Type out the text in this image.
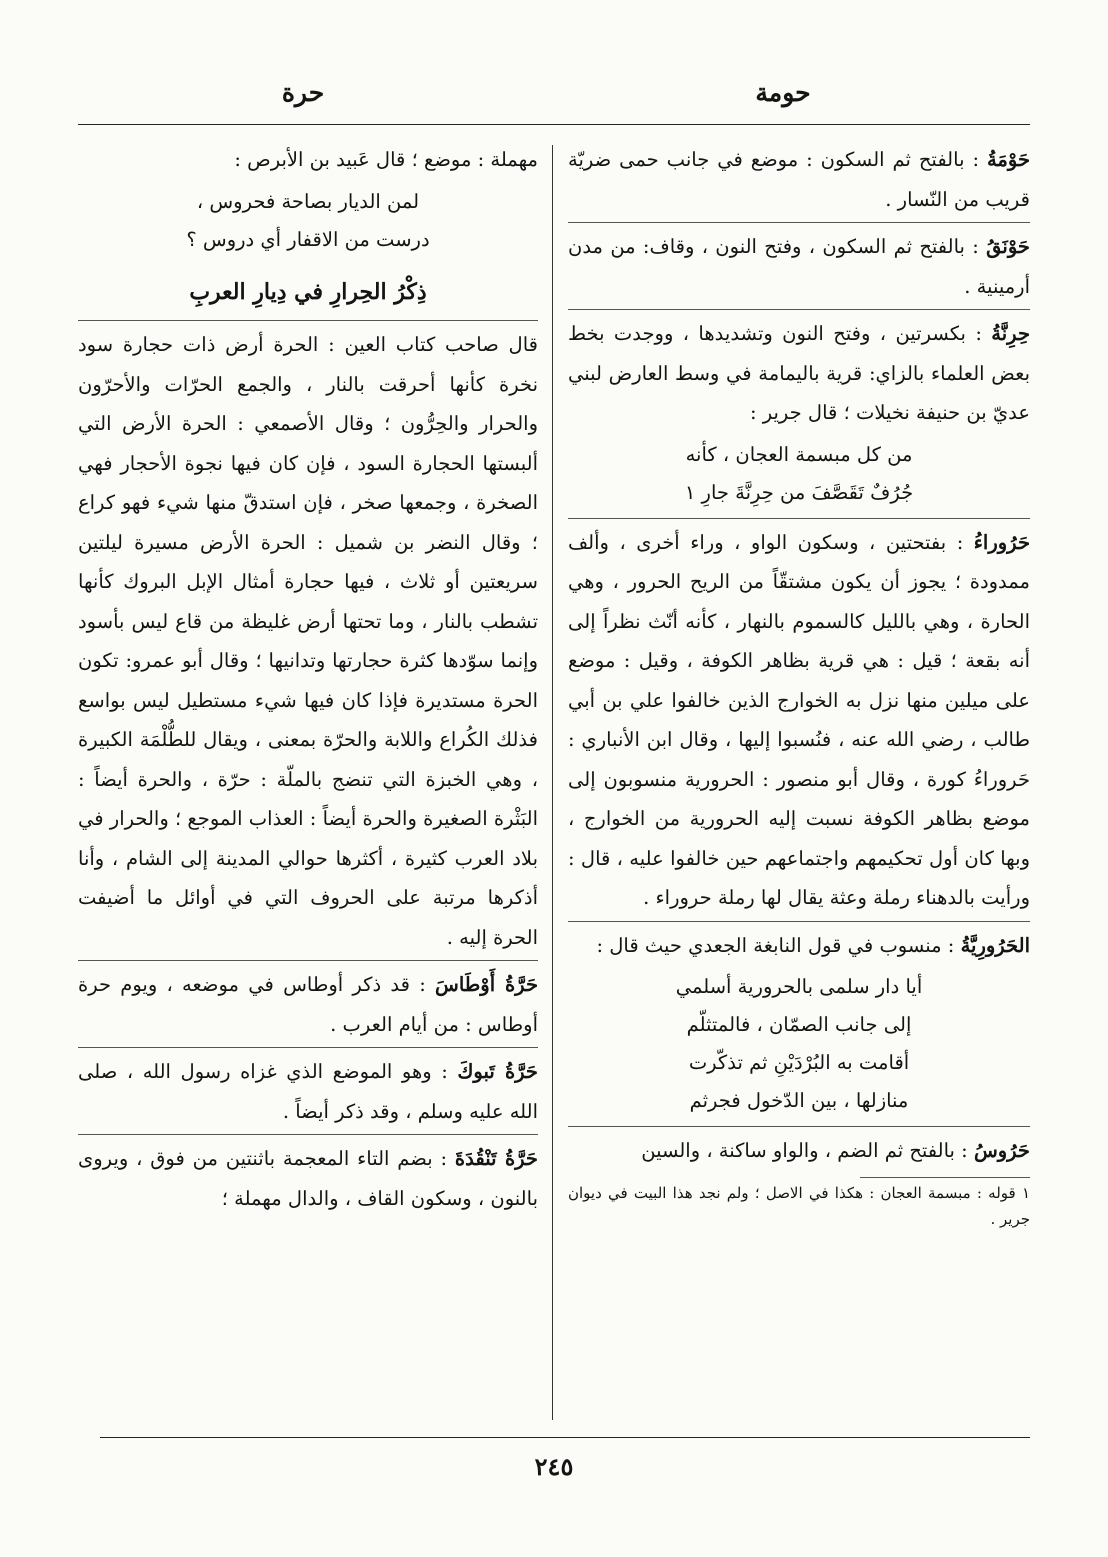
حومة
حرة

حَوْمَةُ : بالفتح ثم السكون : موضع في جانب حمى ضريّة قريب من النّسار .

حَوْنَقُ : بالفتح ثم السكون ، وفتح النون ، وقاف: من مدن أرمينية .

حِرِنَّةُ : بكسرتين ، وفتح النون وتشديدها ، ووجدت بخط بعض العلماء بالزاي: قرية باليمامة في وسط العارض لبني عديّ بن حنيفة نخيلات ؛ قال جرير :

من كل مبسمة العجان ، كأنه
جُرُفٌ تَقَصَّفَ من حِرِنَّةَ جارِ ١

حَرُوراءُ : بفتحتين ، وسكون الواو ، وراء أخرى ، وألف ممدودة ؛ يجوز أن يكون مشتقّاً من الريح الحرور ، وهي الحارة ، وهي بالليل كالسموم بالنهار ، كأنه أنّث نظراً إلى أنه بقعة ؛ قيل : هي قرية بظاهر الكوفة ، وقيل : موضع على ميلين منها نزل به الخوارج الذين خالفوا علي بن أبي طالب ، رضي الله عنه ، فنُسبوا إليها ، وقال ابن الأنباري : حَروراءُ كورة ، وقال أبو منصور : الحرورية منسوبون إلى موضع بظاهر الكوفة نسبت إليه الحرورية من الخوارج ، وبها كان أول تحكيمهم واجتماعهم حين خالفوا عليه ، قال : ورأيت بالدهناء رملة وعثة يقال لها رملة حروراء .

الحَرُورِيَّةُ : منسوب في قول النابغة الجعدي حيث قال :

أيا دار سلمى بالحرورية أسلمي
إلى جانب الصمّان ، فالمتثلّم
أقامت به البُرْدَيْنِ ثم تذكّرت
منازلها ، بين الدّخول فجرثم

حَرُوسُ : بالفتح ثم الضم ، والواو ساكنة ، والسين

١ قوله : مبسمة العجان : هكذا في الاصل ؛ ولم نجد هذا البيت في ديوان جرير .

مهملة : موضع ؛ قال عَبيد بن الأبرص :

لمن الديار بصاحة فحروس ،
درست من الاقفار أي دروس ؟
ذِكْرُ الحِرارِ في دِيارِ العربِ

قال صاحب كتاب العين : الحرة أرض ذات حجارة سود نخرة كأنها أحرقت بالنار ، والجمع الحرّات والأحرّون والحرار والحِرُّون ؛ وقال الأصمعي : الحرة الأرض التي ألبستها الحجارة السود ، فإن كان فيها نجوة الأحجار فهي الصخرة ، وجمعها صخر ، فإن استدقّ منها شيء فهو كراع ؛ وقال النضر بن شميل : الحرة الأرض مسيرة ليلتين سريعتين أو ثلاث ، فيها حجارة أمثال الإبل البروك كأنها تشطب بالنار ، وما تحتها أرض غليظة من قاع ليس بأسود وإنما سوّدها كثرة حجارتها وتدانيها ؛ وقال أبو عمرو: تكون الحرة مستديرة فإذا كان فيها شيء مستطيل ليس بواسع فذلك الكُراع واللابة والحرّة بمعنى ، ويقال للطُّلْمَة الكبيرة ، وهي الخبزة التي تنضج بالملّة : حرّة ، والحرة أيضاً : البَثْرة الصغيرة والحرة أيضاً : العذاب الموجع ؛ والحرار في بلاد العرب كثيرة ، أكثرها حوالي المدينة إلى الشام ، وأنا أذكرها مرتبة على الحروف التي في أوائل ما أضيفت الحرة إليه .

حَرَّةُ أَوْطَاسَ : قد ذكر أوطاس في موضعه ، ويوم حرة أوطاس : من أيام العرب .

حَرَّةُ تَبوكَ : وهو الموضع الذي غزاه رسول الله ، صلى الله عليه وسلم ، وقد ذكر أيضاً .

حَرَّةُ تَنْقُدَةَ : بضم التاء المعجمة باثنتين من فوق ، ويروى بالنون ، وسكون القاف ، والدال مهملة ؛

٢٤٥
